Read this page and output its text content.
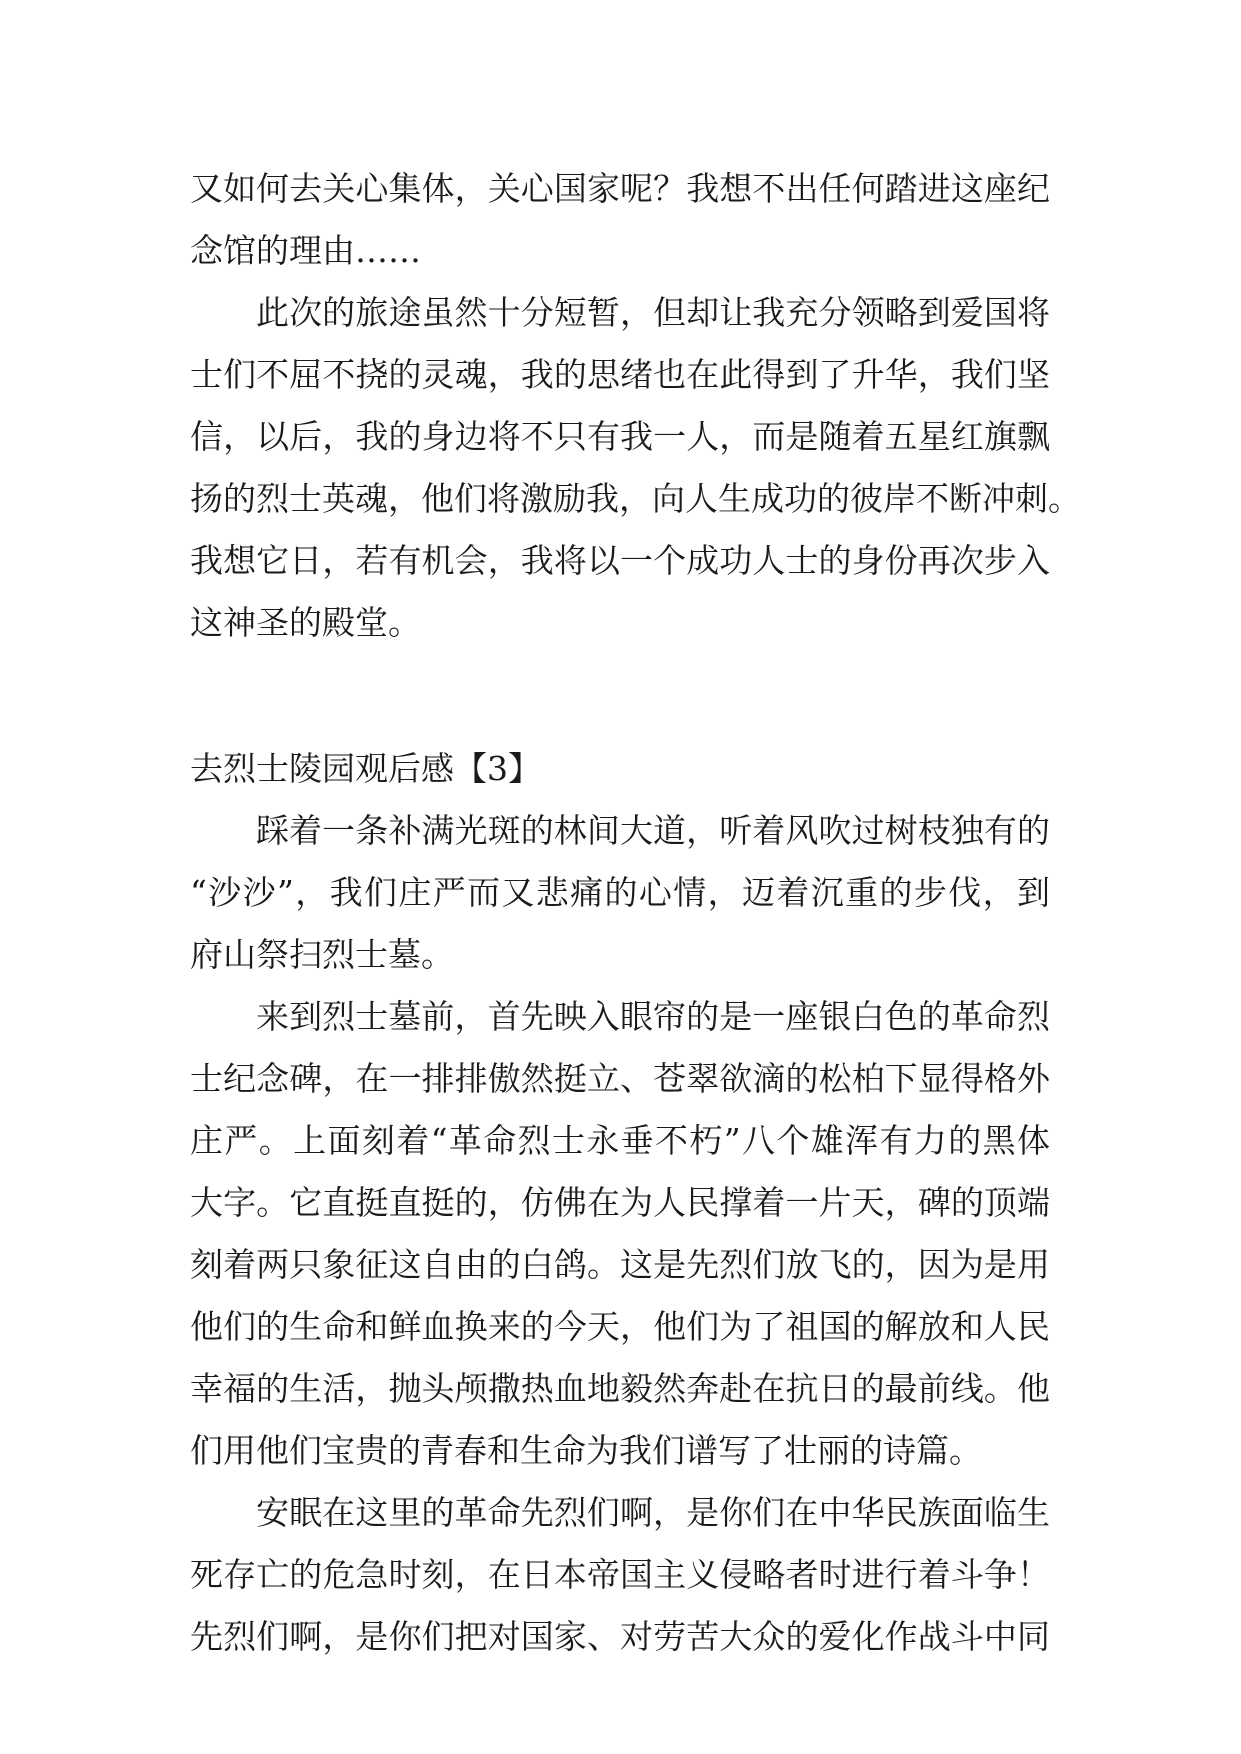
又如何去关心集体，关心国家呢？我想不出任何踏进这座纪
念馆的理由……
此次的旅途虽然十分短暂，但却让我充分领略到爱国将
士们不屈不挠的灵魂，我的思绪也在此得到了升华，我们坚
信，以后，我的身边将不只有我一人，而是随着五星红旗飘
扬的烈士英魂，他们将激励我，向人生成功的彼岸不断冲刺。
我想它日，若有机会，我将以一个成功人士的身份再次步入
这神圣的殿堂。
去烈士陵园观后感【3】
踩着一条补满光斑的林间大道，听着风吹过树枝独有的
“沙沙”，我们庄严而又悲痛的心情，迈着沉重的步伐，到
府山祭扫烈士墓。
来到烈士墓前，首先映入眼帘的是一座银白色的革命烈
士纪念碑，在一排排傲然挺立、苍翠欲滴的松柏下显得格外
庄严。上面刻着“革命烈士永垂不朽”八个雄浑有力的黑体
大字。它直挺直挺的，仿佛在为人民撑着一片天，碑的顶端
刻着两只象征这自由的白鸽。这是先烈们放飞的，因为是用
他们的生命和鲜血换来的今天，他们为了祖国的解放和人民
幸福的生活，抛头颅撒热血地毅然奔赴在抗日的最前线。他
们用他们宝贵的青春和生命为我们谱写了壮丽的诗篇。
安眠在这里的革命先烈们啊，是你们在中华民族面临生
死存亡的危急时刻，在日本帝国主义侵略者时进行着斗争！
先烈们啊，是你们把对国家、对劳苦大众的爱化作战斗中同
